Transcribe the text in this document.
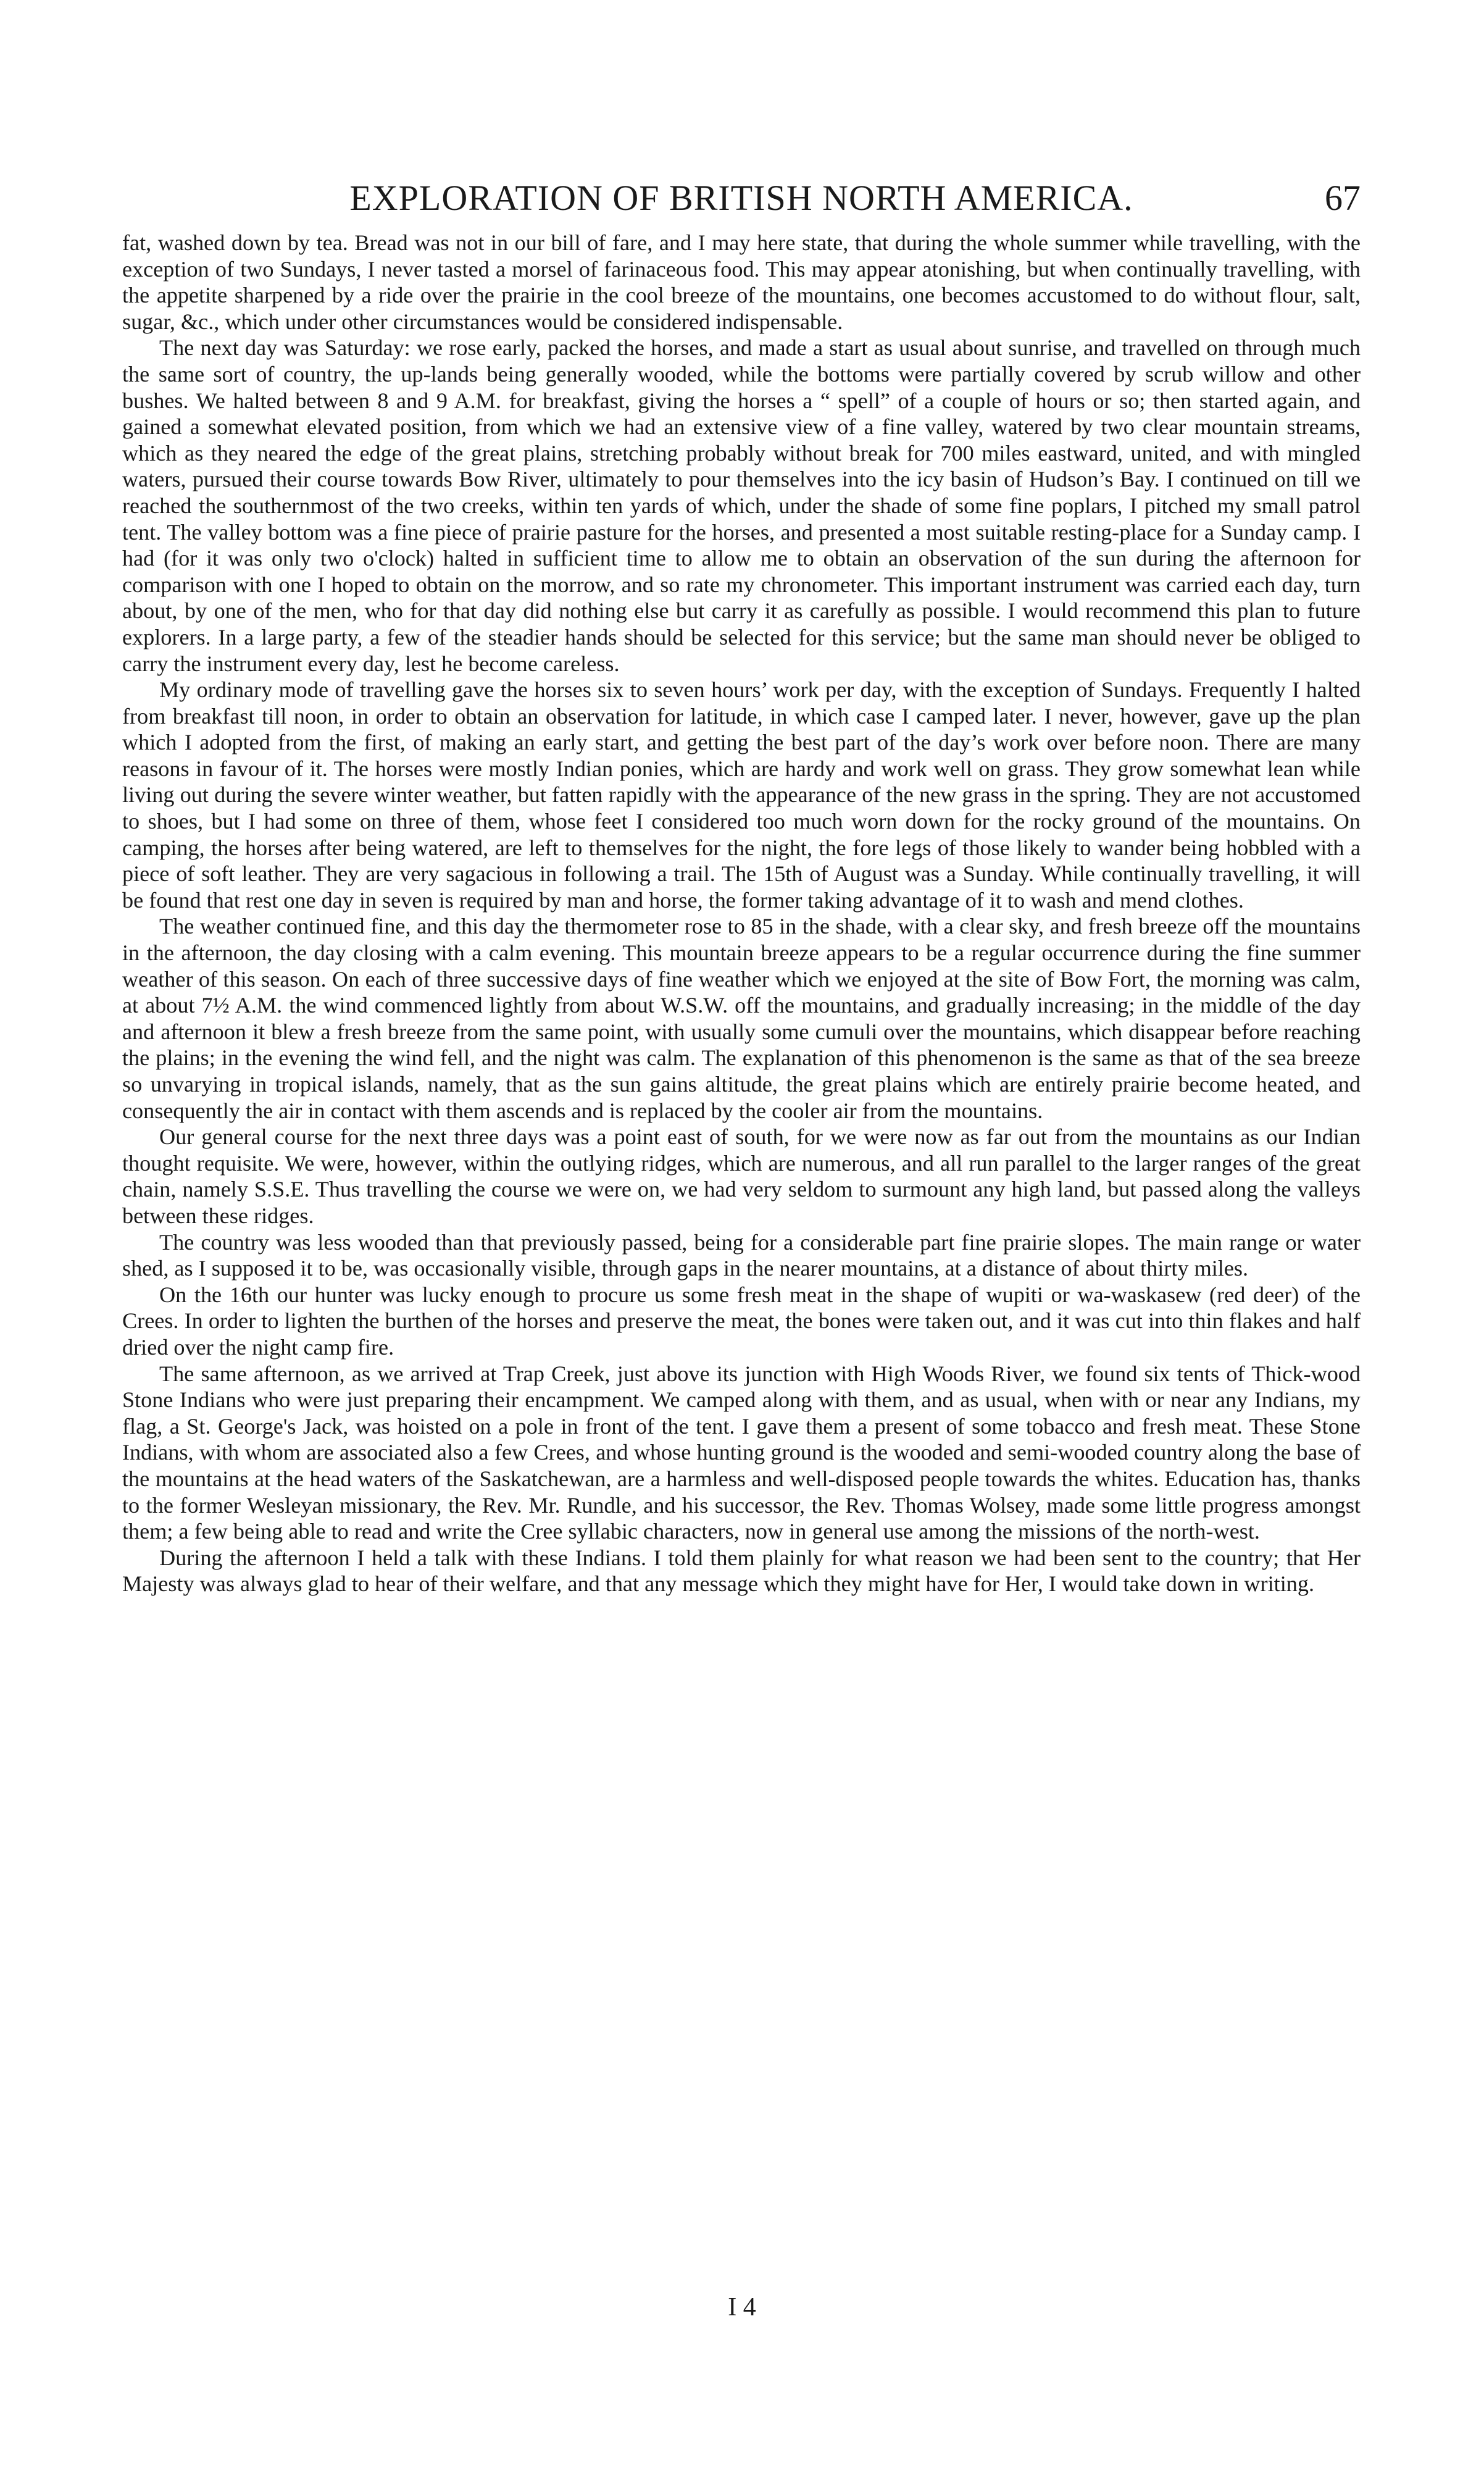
EXPLORATION OF BRITISH NORTH AMERICA.	67

fat, washed down by tea. Bread was not in our bill of fare, and I may here state, that during the whole summer while travelling, with the exception of two Sundays, I never tasted a morsel of farinaceous food. This may appear atonishing, but when continually travelling, with the appetite sharpened by a ride over the prairie in the cool breeze of the mountains, one becomes accustomed to do without flour, salt, sugar, &c., which under other circumstances would be considered indispensable.

The next day was Saturday: we rose early, packed the horses, and made a start as usual about sunrise, and travelled on through much the same sort of country, the up-lands being generally wooded, while the bottoms were partially covered by scrub willow and other bushes. We halted between 8 and 9 A.M. for breakfast, giving the horses a “ spell” of a couple of hours or so; then started again, and gained a somewhat elevated position, from which we had an extensive view of a fine valley, watered by two clear mountain streams, which as they neared the edge of the great plains, stretching probably without break for 700 miles eastward, united, and with mingled waters, pursued their course towards Bow River, ultimately to pour themselves into the icy basin of Hudson’s Bay. I continued on till we reached the southernmost of the two creeks, within ten yards of which, under the shade of some fine poplars, I pitched my small patrol tent. The valley bottom was a fine piece of prairie pasture for the horses, and presented a most suitable resting-place for a Sunday camp. I had (for it was only two o'clock) halted in sufficient time to allow me to obtain an observation of the sun during the afternoon for comparison with one I hoped to obtain on the morrow, and so rate my chronometer. This important instrument was carried each day, turn about, by one of the men, who for that day did nothing else but carry it as carefully as possible. I would recommend this plan to future explorers. In a large party, a few of the steadier hands should be selected for this service; but the same man should never be obliged to carry the instrument every day, lest he become careless.

My ordinary mode of travelling gave the horses six to seven hours’ work per day, with the exception of Sundays. Frequently I halted from breakfast till noon, in order to obtain an observation for latitude, in which case I camped later. I never, however, gave up the plan which I adopted from the first, of making an early start, and getting the best part of the day’s work over before noon. There are many reasons in favour of it. The horses were mostly Indian ponies, which are hardy and work well on grass. They grow somewhat lean while living out during the severe winter weather, but fatten rapidly with the appearance of the new grass in the spring. They are not accustomed to shoes, but I had some on three of them, whose feet I considered too much worn down for the rocky ground of the mountains. On camping, the horses after being watered, are left to themselves for the night, the fore legs of those likely to wander being hobbled with a piece of soft leather. They are very sagacious in following a trail. The 15th of August was a Sunday. While continually travelling, it will be found that rest one day in seven is required by man and horse, the former taking advantage of it to wash and mend clothes.

The weather continued fine, and this day the thermometer rose to 85 in the shade, with a clear sky, and fresh breeze off the mountains in the afternoon, the day closing with a calm evening. This mountain breeze appears to be a regular occurrence during the fine summer weather of this season. On each of three successive days of fine weather which we enjoyed at the site of Bow Fort, the morning was calm, at about 7½ A.M. the wind commenced lightly from about W.S.W. off the mountains, and gradually increasing; in the middle of the day and afternoon it blew a fresh breeze from the same point, with usually some cumuli over the mountains, which disappear before reaching the plains; in the evening the wind fell, and the night was calm. The explanation of this phenomenon is the same as that of the sea breeze so unvarying in tropical islands, namely, that as the sun gains altitude, the great plains which are entirely prairie become heated, and consequently the air in contact with them ascends and is replaced by the cooler air from the mountains.

Our general course for the next three days was a point east of south, for we were now as far out from the mountains as our Indian thought requisite. We were, however, within the outlying ridges, which are numerous, and all run parallel to the larger ranges of the great chain, namely S.S.E. Thus travelling the course we were on, we had very seldom to surmount any high land, but passed along the valleys between these ridges.

The country was less wooded than that previously passed, being for a considerable part fine prairie slopes. The main range or water shed, as I supposed it to be, was occasionally visible, through gaps in the nearer mountains, at a distance of about thirty miles.

On the 16th our hunter was lucky enough to procure us some fresh meat in the shape of wupiti or wa-waskasew (red deer) of the Crees. In order to lighten the burthen of the horses and preserve the meat, the bones were taken out, and it was cut into thin flakes and half dried over the night camp fire.

The same afternoon, as we arrived at Trap Creek, just above its junction with High Woods River, we found six tents of Thick-wood Stone Indians who were just preparing their encampment. We camped along with them, and as usual, when with or near any Indians, my flag, a St. George's Jack, was hoisted on a pole in front of the tent. I gave them a present of some tobacco and fresh meat. These Stone Indians, with whom are associated also a few Crees, and whose hunting ground is the wooded and semi-wooded country along the base of the mountains at the head waters of the Saskatchewan, are a harmless and well-disposed people towards the whites. Education has, thanks to the former Wesleyan missionary, the Rev. Mr. Rundle, and his successor, the Rev. Thomas Wolsey, made some little progress amongst them; a few being able to read and write the Cree syllabic characters, now in general use among the missions of the north-west.

During the afternoon I held a talk with these Indians. I told them plainly for what reason we had been sent to the country; that Her Majesty was always glad to hear of their welfare, and that any message which they might have for Her, I would take down in writing.

I 4
